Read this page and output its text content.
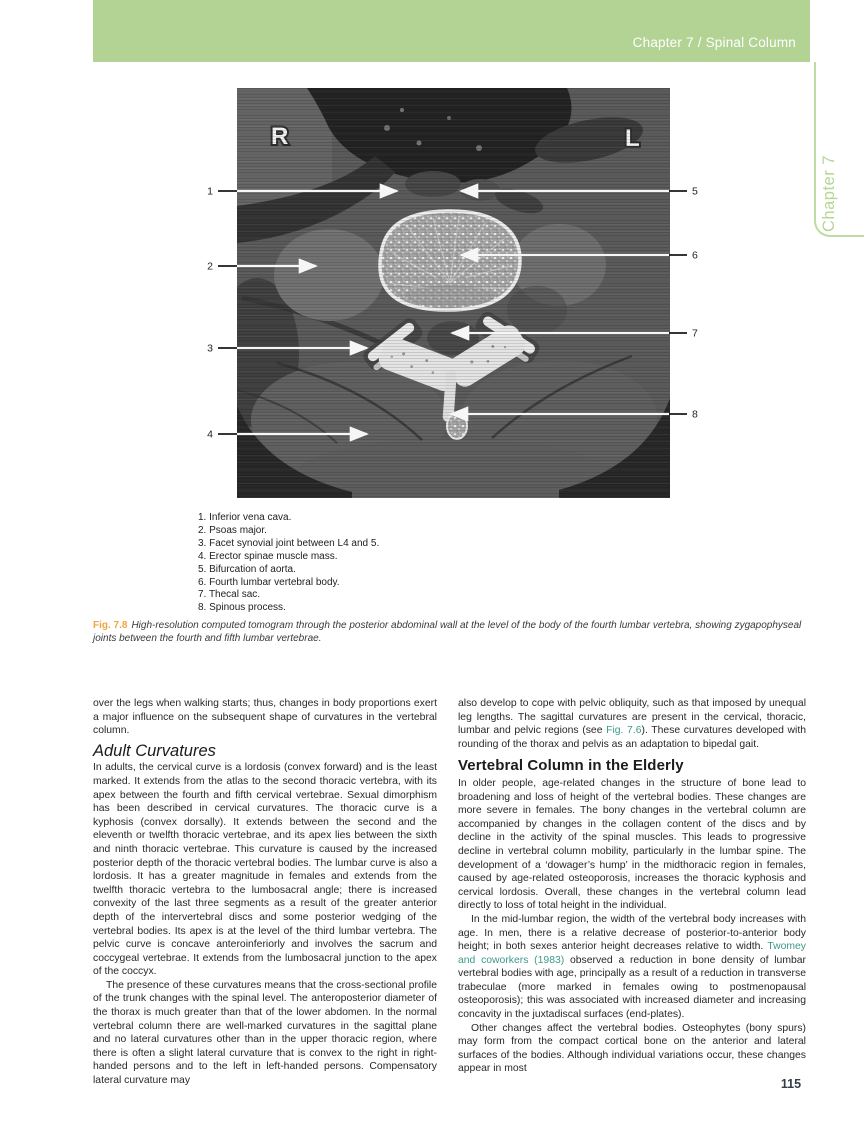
Chapter 7 / Spinal Column
Chapter 7
1
2
3
4
5
6
7
8
1. Inferior vena cava.
2. Psoas major.
3. Facet synovial joint between L4 and 5.
4. Erector spinae muscle mass.
5. Bifurcation of aorta.
6. Fourth lumbar vertebral body.
7. Thecal sac.
8. Spinous process.
Fig. 7.8 High-resolution computed tomogram through the posterior abdominal wall at the level of the body of the fourth lumbar vertebra, showing zygapophyseal joints between the fourth and fifth lumbar vertebrae.

over the legs when walking starts; thus, changes in body proportions exert a major influence on the subsequent shape of curvatures in the vertebral column.

Adult Curvatures

In adults, the cervical curve is a lordosis (convex forward) and is the least marked. It extends from the atlas to the second thoracic vertebra, with its apex between the fourth and fifth cervical vertebrae. Sexual dimorphism has been described in cervical curvatures. The thoracic curve is a kyphosis (convex dorsally). It extends between the second and the eleventh or twelfth thoracic vertebrae, and its apex lies between the sixth and ninth thoracic vertebrae. This curvature is caused by the increased posterior depth of the thoracic vertebral bodies. The lumbar curve is also a lordosis. It has a greater magnitude in females and extends from the twelfth thoracic vertebra to the lumbosacral angle; there is increased convexity of the last three segments as a result of the greater anterior depth of the intervertebral discs and some posterior wedging of the vertebral bodies. Its apex is at the level of the third lumbar vertebra. The pelvic curve is concave anteroinferiorly and involves the sacrum and coccygeal vertebrae. It extends from the lumbosacral junction to the apex of the coccyx.

The presence of these curvatures means that the cross-sectional profile of the trunk changes with the spinal level. The anteroposterior diameter of the thorax is much greater than that of the lower abdomen. In the normal vertebral column there are well-marked curvatures in the sagittal plane and no lateral curvatures other than in the upper thoracic region, where there is often a slight lateral curvature that is convex to the right in right-handed persons and to the left in left-handed persons. Compensatory lateral curvature may

also develop to cope with pelvic obliquity, such as that imposed by unequal leg lengths. The sagittal curvatures are present in the cervical, thoracic, lumbar and pelvic regions (see Fig. 7.6). These curvatures developed with rounding of the thorax and pelvis as an adaptation to bipedal gait.

Vertebral Column in the Elderly

In older people, age-related changes in the structure of bone lead to broadening and loss of height of the vertebral bodies. These changes are more severe in females. The bony changes in the vertebral column are accompanied by changes in the collagen content of the discs and by decline in the activity of the spinal muscles. This leads to progressive decline in vertebral column mobility, particularly in the lumbar spine. The development of a ‘dowager’s hump’ in the midthoracic region in females, caused by age-related osteoporosis, increases the thoracic kyphosis and cervical lordosis. Overall, these changes in the vertebral column lead directly to loss of total height in the individual.

In the mid-lumbar region, the width of the vertebral body increases with age. In men, there is a relative decrease of posterior-to-anterior body height; in both sexes anterior height decreases relative to width. Twomey and coworkers (1983) observed a reduction in bone density of lumbar vertebral bodies with age, principally as a result of a reduction in transverse trabeculae (more marked in females owing to postmenopausal osteoporosis); this was associated with increased diameter and increasing concavity in the juxtadiscal surfaces (end-plates).

Other changes affect the vertebral bodies. Osteophytes (bony spurs) may form from the compact cortical bone on the anterior and lateral surfaces of the bodies. Although individual variations occur, these changes appear in most

115
